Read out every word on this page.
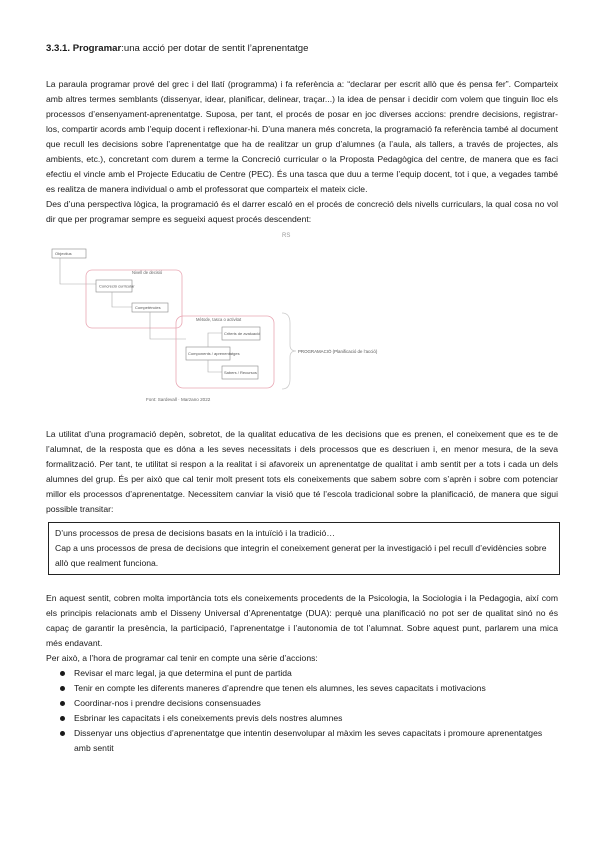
3.3.1. Programar:una acció per dotar de sentit l’aprenentatge

La paraula programar prové del grec i del llatí (programma) i fa referència a: “declarar per escrit allò que és pensa fer”. Comparteix amb altres termes semblants (dissenyar, idear, planificar, delinear, traçar...) la idea de pensar i decidir com volem que tinguin lloc els processos d’ensenyament-aprenentatge. Suposa, per tant, el procés de posar en joc diverses accions: prendre decisions, registrar-los, compartir acords amb l’equip docent i reflexionar-hi. D’una manera més concreta, la programació fa referència també al document que recull les decisions sobre l’aprenentatge que ha de realitzar un grup d’alumnes (a l’aula, als tallers, a través de projectes, als ambients, etc.), concretant com durem a terme la Concreció curricular o la Proposta Pedagògica del centre, de manera que es faci efectiu el vincle amb el Projecte Educatiu de Centre (PEC). És una tasca que duu a terme l’equip docent, tot i que, a vegades també es realitza de manera individual o amb el professorat que comparteix el mateix cicle.

Des d’una perspectiva lògica, la programació és el darrer escaló en el procés de concreció dels nivells curriculars, la qual cosa no vol dir que per programar sempre es segueixi aquest procés descendent:

Objectius
Nivell de decisió
Concreció curricular
Competències
Mètode, tasca o activitat
Criteris de avaluació
Components / aprenentatges
Sabers / Recursos
PROGRAMACIÓ (Planificació de l’acció)
Font: Sardevall · Marzano 2022
RS

La utilitat d’una programació depèn, sobretot, de la qualitat educativa de les decisions que es prenen, el coneixement que es te de l’alumnat, de la resposta que es dóna a les seves necessitats i dels processos que es descriuen i, en menor mesura, de la seva formalització. Per tant, te utilitat si respon a la realitat i si afavoreix un aprenentatge de qualitat i amb sentit per a tots i cada un dels alumnes del grup. És per això que cal tenir molt present tots els coneixements que sabem sobre com s’aprèn i sobre com potenciar millor els processos d’aprenentatge. Necessitem canviar la visió que té l’escola tradicional sobre la planificació, de manera que sigui possible transitar:

D’uns processos de presa de decisions basats en la intuïció i la tradició…

Cap a uns processos de presa de decisions que integrin el coneixement generat per la investigació i pel recull d’evidències sobre allò que realment funciona.

En aquest sentit, cobren molta importància tots els coneixements procedents de la Psicologia, la Sociologia i la Pedagogia, així com els principis relacionats amb el Disseny Universal d’Aprenentatge (DUA): perquè una planificació no pot ser de qualitat sinó no és capaç de garantir la presència, la participació, l’aprenentatge i l’autonomia de tot l’alumnat. Sobre aquest punt, parlarem una mica més endavant.

Per això, a l’hora de programar cal tenir en compte una sèrie d’accions:

Revisar el marc legal, ja que determina el punt de partida
Tenir en compte les diferents maneres d’aprendre que tenen els alumnes, les seves capacitats i motivacions
Coordinar-nos i prendre decisions consensuades
Esbrinar les capacitats i els coneixements previs dels nostres alumnes
Dissenyar uns objectius d’aprenentatge que intentin desenvolupar al màxim les seves capacitats i promoure aprenentatges amb sentit
